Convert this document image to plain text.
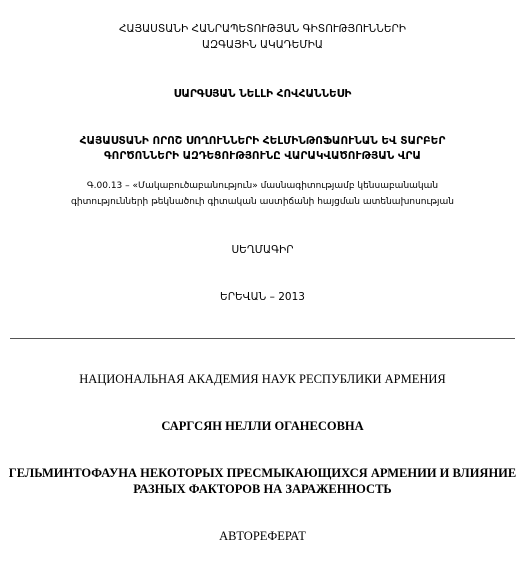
ՀԱՅԱՍՏԱՆԻ ՀԱՆՐԱՊԵՏՈՒԹՅԱՆ ԳԻՏՈՒԹՅՈՒՆՆԵՐԻ
ԱԶԳԱՅԻՆ ԱԿԱԴԵՄԻԱ
ՍԱՐԳՍՅԱՆ ՆԵԼԼԻ ՀՈՎՀԱՆՆԵՍԻ
ՀԱՅԱՍՏԱՆԻ ՈՐՈՇ ՍՈՂՈՒՆՆԵՐԻ ՀԵԼՄԻՆԹՈՖԱՈՒՆԱՆ ԵՎ ՏԱՐԲԵՐ
ԳՈՐԾՈՆՆԵՐԻ ԱԶԴԵՑՈՒԹՅՈՒՆԸ ՎԱՐԱԿՎԱԾՈՒԹՅԱՆ ՎՐԱ
Գ.00.13 – «Մակաբուծաբանություն» մասնագիտությամբ կենսաբանական
գիտությունների թեկնածուի գիտական աստիճանի հայցման ատենախոսության
ՍԵՂՄԱԳԻՐ
ԵՐԵՎԱՆ – 2013
НАЦИОНАЛЬНАЯ АКАДЕМИЯ НАУК РЕСПУБЛИКИ АРМЕНИЯ
САРГСЯН НЕЛЛИ ОГАНЕСОВНА
ГЕЛЬМИНТОФАУНА НЕКОТОРЫХ ПРЕСМЫКАЮЩИХСЯ АРМЕНИИ И ВЛИЯНИЕ
РАЗНЫХ ФАКТОРОВ НА ЗАРАЖЕННОСТЬ
АВТОРЕФЕРАТ
